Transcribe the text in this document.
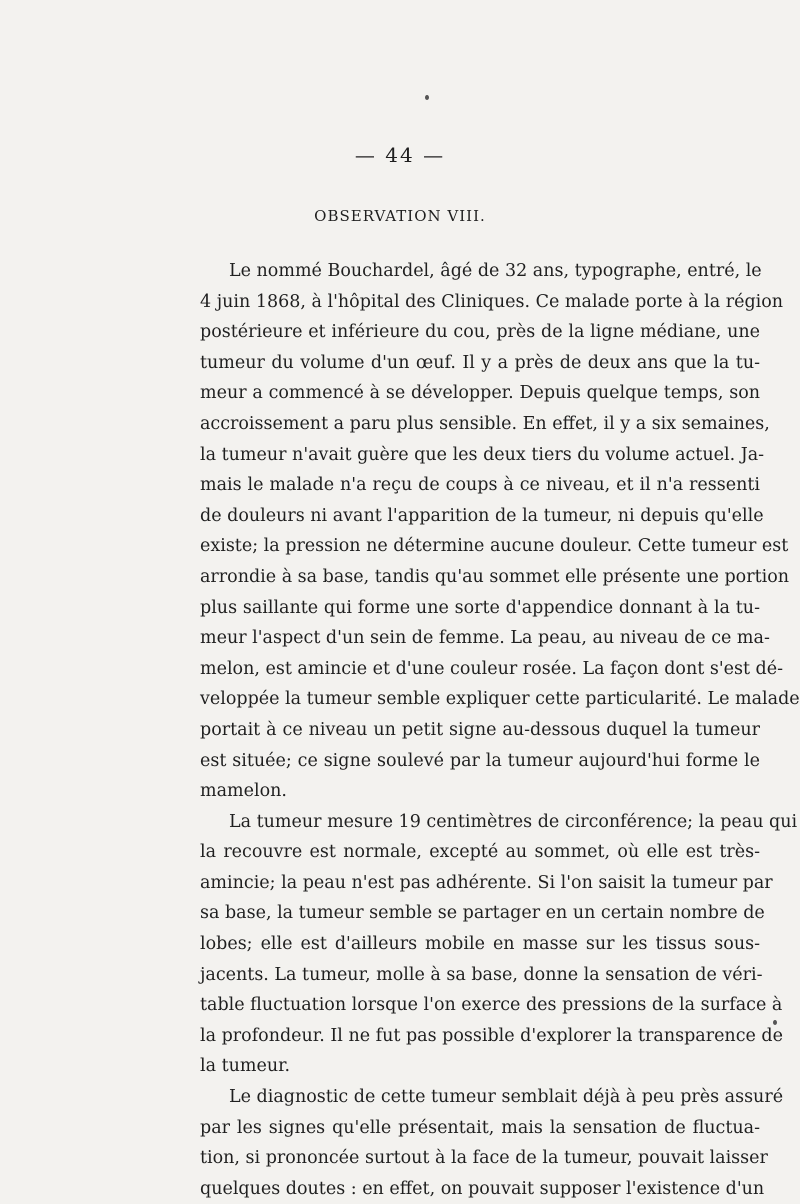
— 44 —
OBSERVATION VIII.
Le nommé Bouchardel, âgé de 32 ans, typographe, entré, le
4 juin 1868, à l'hôpital des Cliniques. Ce malade porte à la région
postérieure et inférieure du cou, près de la ligne médiane, une
tumeur du volume d'un œuf. Il y a près de deux ans que la tu-
meur a commencé à se développer. Depuis quelque temps, son
accroissement a paru plus sensible. En effet, il y a six semaines,
la tumeur n'avait guère que les deux tiers du volume actuel. Ja-
mais le malade n'a reçu de coups à ce niveau, et il n'a ressenti
de douleurs ni avant l'apparition de la tumeur, ni depuis qu'elle
existe; la pression ne détermine aucune douleur. Cette tumeur est
arrondie à sa base, tandis qu'au sommet elle présente une portion
plus saillante qui forme une sorte d'appendice donnant à la tu-
meur l'aspect d'un sein de femme. La peau, au niveau de ce ma-
melon, est amincie et d'une couleur rosée. La façon dont s'est dé-
veloppée la tumeur semble expliquer cette particularité. Le malade
portait à ce niveau un petit signe au-dessous duquel la tumeur
est située; ce signe soulevé par la tumeur aujourd'hui forme le
mamelon.
La tumeur mesure 19 centimètres de circonférence; la peau qui
la recouvre est normale, excepté au sommet, où elle est très-
amincie; la peau n'est pas adhérente. Si l'on saisit la tumeur par
sa base, la tumeur semble se partager en un certain nombre de
lobes; elle est d'ailleurs mobile en masse sur les tissus sous-
jacents. La tumeur, molle à sa base, donne la sensation de véri-
table fluctuation lorsque l'on exerce des pressions de la surface à
la profondeur. Il ne fut pas possible d'explorer la transparence de
la tumeur.
Le diagnostic de cette tumeur semblait déjà à peu près assuré
par les signes qu'elle présentait, mais la sensation de fluctua-
tion, si prononcée surtout à la face de la tumeur, pouvait laisser
quelques doutes : en effet, on pouvait supposer l'existence d'un
